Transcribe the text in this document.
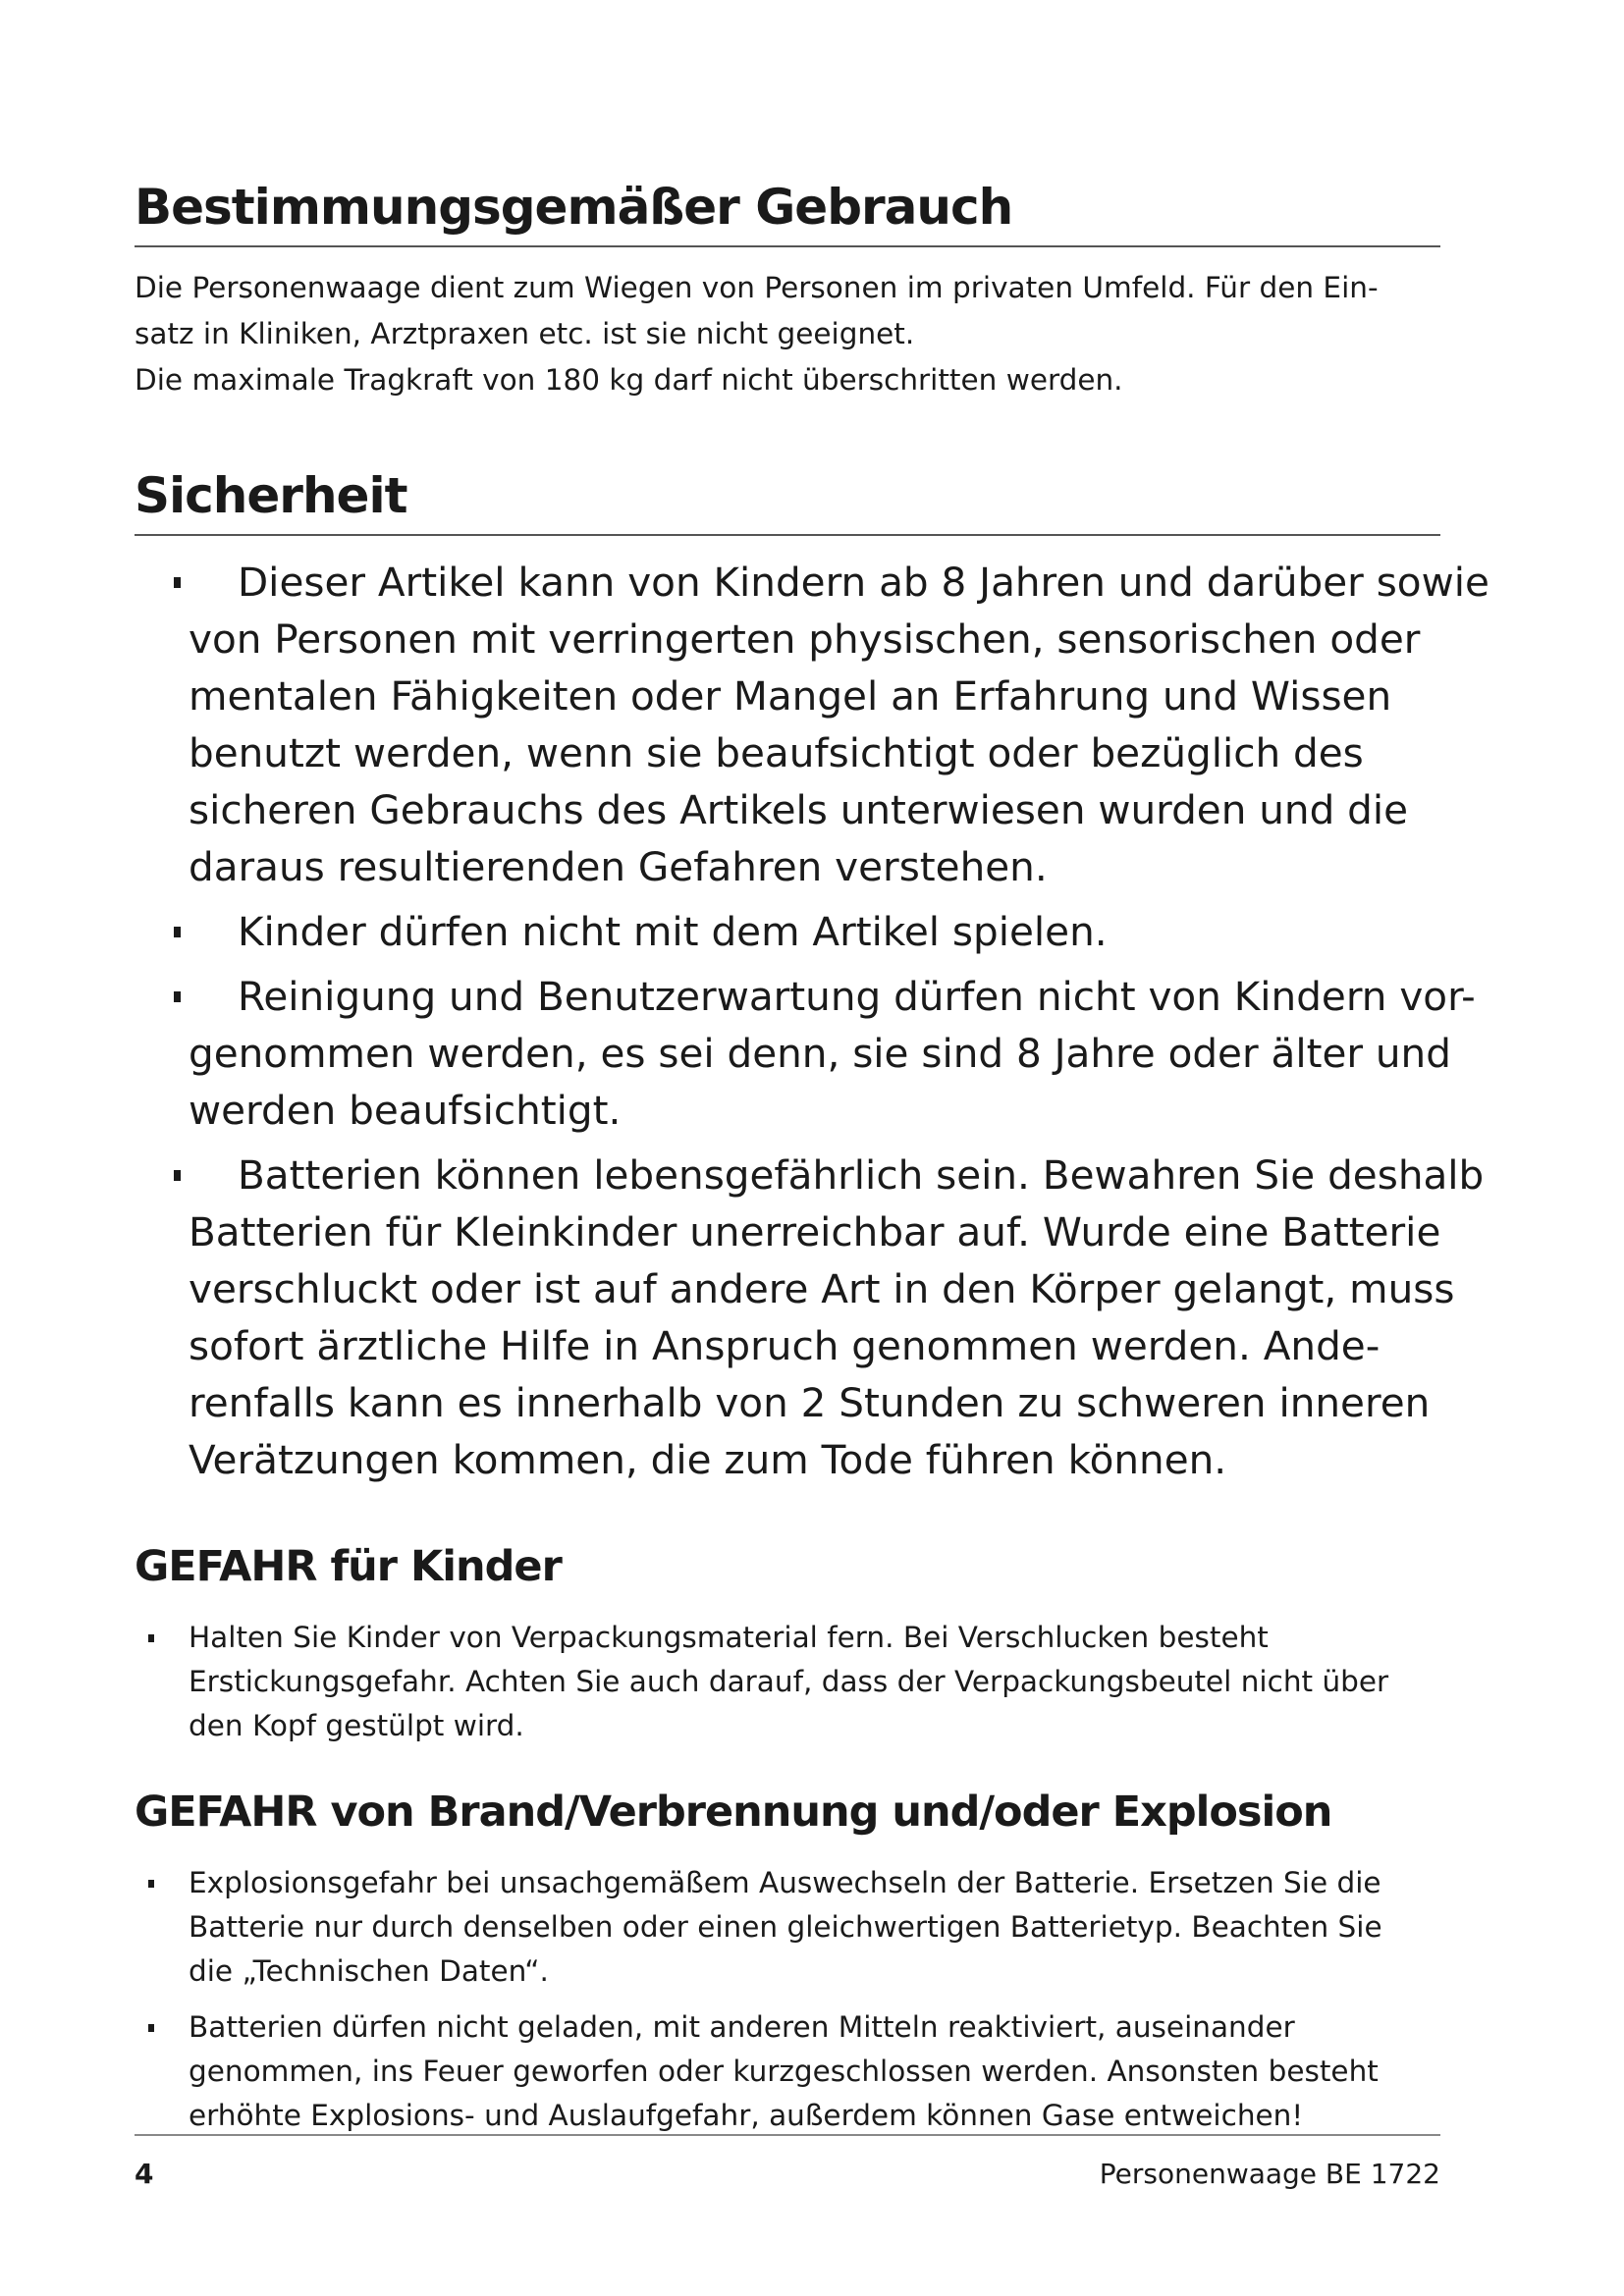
Bestimmungsgemäßer Gebrauch

Die Personenwaage dient zum Wiegen von Personen im privaten Umfeld. Für den Ein-
satz in Kliniken, Arztpraxen etc. ist sie nicht geeignet.
Die maximale Tragkraft von 180 kg darf nicht überschritten werden.

Sicherheit
Dieser Artikel kann von Kindern ab 8 Jahren und darüber sowie
von Personen mit verringerten physischen, sensorischen oder
mentalen Fähigkeiten oder Mangel an Erfahrung und Wissen
benutzt werden, wenn sie beaufsichtigt oder bezüglich des
sicheren Gebrauchs des Artikels unterwiesen wurden und die
daraus resultierenden Gefahren verstehen.
Kinder dürfen nicht mit dem Artikel spielen.
Reinigung und Benutzerwartung dürfen nicht von Kindern vor-
genommen werden, es sei denn, sie sind 8 Jahre oder älter und
werden beaufsichtigt.
Batterien können lebensgefährlich sein. Bewahren Sie deshalb
Batterien für Kleinkinder unerreichbar auf. Wurde eine Batterie
verschluckt oder ist auf andere Art in den Körper gelangt, muss
sofort ärztliche Hilfe in Anspruch genommen werden. Ande-
renfalls kann es innerhalb von 2 Stunden zu schweren inneren
Verätzungen kommen, die zum Tode führen können.
GEFAHR für Kinder
Halten Sie Kinder von Verpackungsmaterial fern. Bei Verschlucken besteht
Erstickungsgefahr. Achten Sie auch darauf, dass der Verpackungsbeutel nicht über
den Kopf gestülpt wird.
GEFAHR von Brand/Verbrennung und/oder Explosion
Explosionsgefahr bei unsachgemäßem Auswechseln der Batterie. Ersetzen Sie die
Batterie nur durch denselben oder einen gleichwertigen Batterietyp. Beachten Sie
die „Technischen Daten“.
Batterien dürfen nicht geladen, mit anderen Mitteln reaktiviert, auseinander
genommen, ins Feuer geworfen oder kurzgeschlossen werden. Ansonsten besteht
erhöhte Explosions- und Auslaufgefahr, außerdem können Gase entweichen!
4	Personenwaage BE 1722
